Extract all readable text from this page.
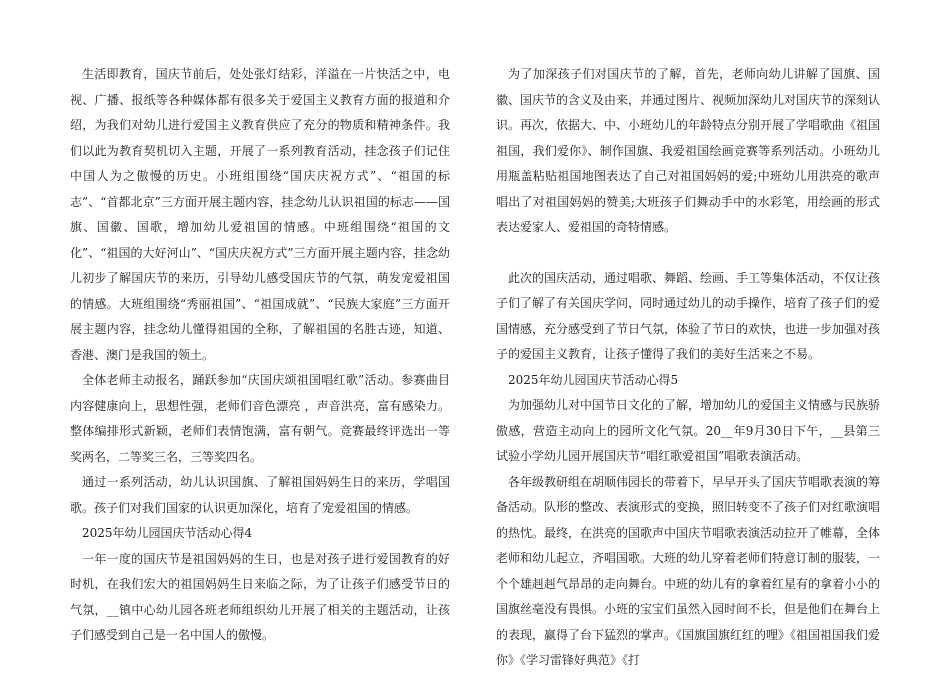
生活即教育，国庆节前后，处处张灯结彩，洋溢在一片快活之中，电视、广播、报纸等各种媒体都有很多关于爱国主义教育方面的报道和介绍，为我们对幼儿进行爱国主义教育供应了充分的物质和精神条件。我们以此为教育契机切入主题，开展了一系列教育活动，挂念孩子们记住中国人为之傲慢的历史。小班组围绕“国庆庆祝方式”、“祖国的标志”、“首都北京”三方面开展主题内容，挂念幼儿认识祖国的标志——国旗、国徽、国歌，增加幼儿爱祖国的情感。中班组围绕“祖国的文化”、“祖国的大好河山”、“国庆庆祝方式”三方面开展主题内容，挂念幼儿初步了解国庆节的来历，引导幼儿感受国庆节的气氛，萌发宠爱祖国的情感。大班组围绕“秀丽祖国”、“祖国成就”、“民族大家庭”三方面开展主题内容，挂念幼儿懂得祖国的全称，了解祖国的名胜古迹，知道、香港、澳门是我国的领土。

全体老师主动报名，踊跃参加“庆国庆颂祖国唱红歌”活动。参赛曲目内容健康向上，思想性强，老师们音色漂亮 ，声音洪亮，富有感染力。整体编排形式新颖，老师们表情饱满，富有朝气。竞赛最终评选出一等奖两名，二等奖三名，三等奖四名。

通过一系列活动，幼儿认识国旗、了解祖国妈妈生日的来历，学唱国歌。孩子们对我们国家的认识更加深化，培育了宠爱祖国的情感。

2025年幼儿园国庆节活动心得4

一年一度的国庆节是祖国妈妈的生日，也是对孩子进行爱国教育的好时机，在我们宏大的祖国妈妈生日来临之际，为了让孩子们感受节日的气氛，__镇中心幼儿园各班老师组织幼儿开展了相关的主题活动，让孩子们感受到自己是一名中国人的傲慢。

为了加深孩子们对国庆节的了解，首先，老师向幼儿讲解了国旗、国徽、国庆节的含义及由来，并通过图片、视频加深幼儿对国庆节的深刻认识。再次，依据大、中、小班幼儿的年龄特点分别开展了学唱歌曲《祖国祖国，我们爱你》、制作国旗、我爱祖国绘画竞赛等系列活动。小班幼儿用瓶盖粘贴祖国地图表达了自己对祖国妈妈的爱;中班幼儿用洪亮的歌声唱出了对祖国妈妈的赞美;大班孩子们舞动手中的水彩笔，用绘画的形式表达爱家人、爱祖国的奇特情感。

此次的国庆活动，通过唱歌、舞蹈、绘画、手工等集体活动，不仅让孩子们了解了有关国庆学问，同时通过幼儿的动手操作，培育了孩子们的爱国情感，充分感受到了节日气氛，体验了节日的欢快，也进一步加强对孩子的爱国主义教育，让孩子懂得了我们的美好生活来之不易。

2025年幼儿园国庆节活动心得5

为加强幼儿对中国节日文化的了解，增加幼儿的爱国主义情感与民族骄傲感，营造主动向上的园所文化气氛。20__年9月30日下午，__县第三试验小学幼儿园开展国庆节“唱红歌爱祖国”唱歌表演活动。

各年级教研组在胡顺伟园长的带着下，早早开头了国庆节唱歌表演的筹备活动。队形的整改、表演形式的变换，照旧转变不了孩子们对红歌演唱的热忱。最终，在洪亮的国歌声中国庆节唱歌表演活动拉开了帷幕，全体老师和幼儿起立，齐唱国歌。大班的幼儿穿着老师们特意订制的服装，一个个雄赳赳气昂昂的走向舞台。中班的幼儿有的拿着红星有的拿着小小的国旗丝毫没有畏惧。小班的宝宝们虽然入园时间不长，但是他们在舞台上的表现，赢得了台下猛烈的掌声。《国旗国旗红红的哩》《祖国祖国我们爱你》《学习雷锋好典范》《打
